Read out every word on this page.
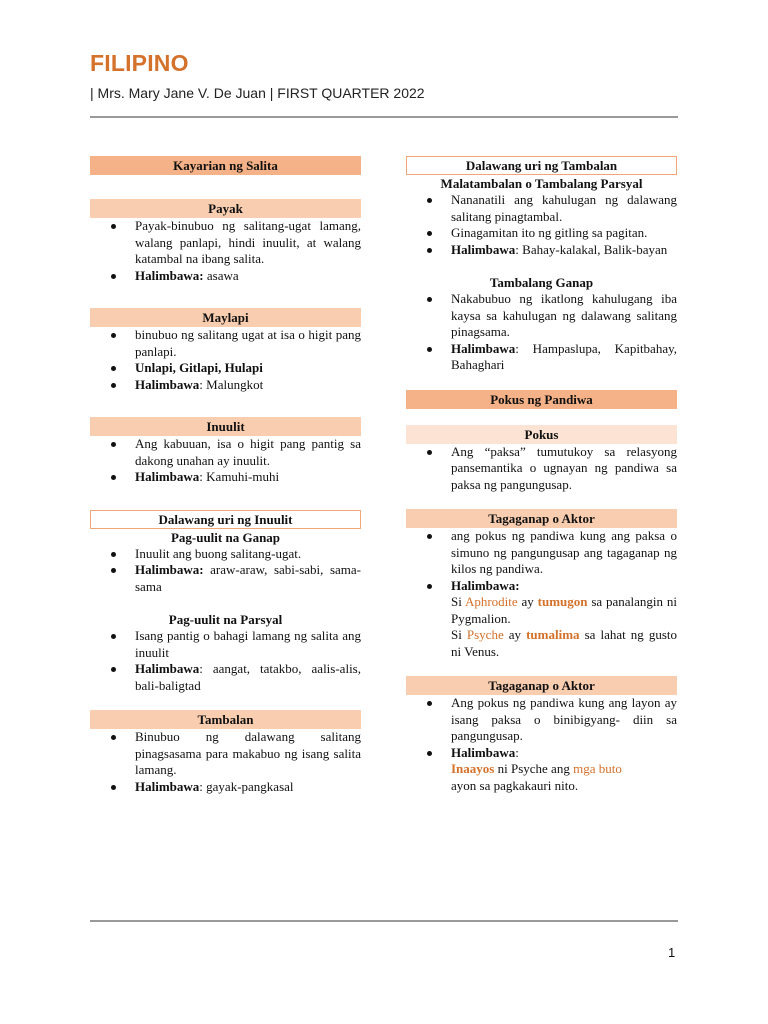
FILIPINO
| Mrs. Mary Jane V. De Juan | FIRST QUARTER 2022
Kayarian ng Salita
Payak
Payak-binubuo ng salitang-ugat lamang, walang panlapi, hindi inuulit, at walang katambal na ibang salita.
Halimbawa: asawa
Maylapi
binubuo ng salitang ugat at isa o higit pang panlapi.
Unlapi, Gitlapi, Hulapi
Halimbawa: Malungkot
Inuulit
Ang kabuuan, isa o higit pang pantig sa dakong unahan ay inuulit.
Halimbawa: Kamuhi-muhi
Dalawang uri ng Inuulit
Pag-uulit na Ganap
Inuulit ang buong salitang-ugat.
Halimbawa: araw-araw, sabi-sabi, sama-sama
Pag-uulit na Parsyal
Isang pantig o bahagi lamang ng salita ang inuulit
Halimbawa: aangat, tatakbo, aalis-alis, bali-baligtad
Tambalan
Binubuo ng dalawang salitang pinagsasama para makabuo ng isang salita lamang.
Halimbawa: gayak-pangkasal
Dalawang uri ng Tambalan
Malatambalan o Tambalang Parsyal
Nananatili ang kahulugan ng dalawang salitang pinagtambal.
Ginagamitan ito ng gitling sa pagitan.
Halimbawa: Bahay-kalakal, Balik-bayan
Tambalang Ganap
Nakabubuo ng ikatlong kahulugang iba kaysa sa kahulugan ng dalawang salitang pinagsama.
Halimbawa: Hampaslupa, Kapitbahay, Bahaghari
Pokus ng Pandiwa
Pokus
Ang “paksa” tumutukoy sa relasyong pansemantika o ugnayan ng pandiwa sa paksa ng pangungusap.
Tagaganap o Aktor
ang pokus ng pandiwa kung ang paksa o simuno ng pangungusap ang tagaganap ng kilos ng pandiwa.
Halimbawa:
Si Aphrodite ay tumugon sa panalangin ni Pygmalion.
Si Psyche ay tumalima sa lahat ng gusto ni Venus.
Tagaganap o Aktor
Ang pokus ng pandiwa kung ang layon ay isang paksa o binibigyang- diin sa pangungusap.
Halimbawa:
Inaayos ni Psyche ang mga buto
ayon sa pagkakauri nito.
1
